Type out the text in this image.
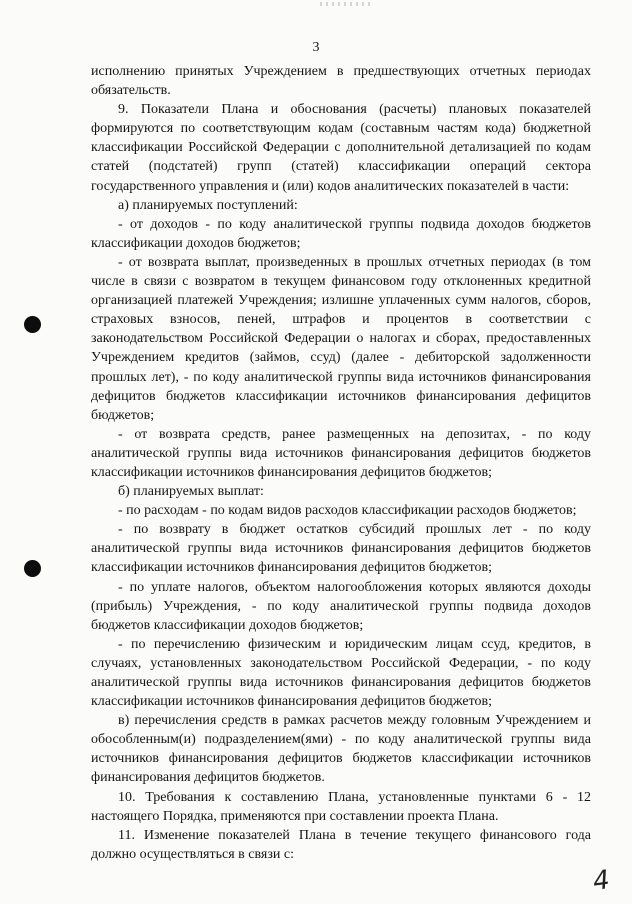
3

исполнению принятых Учреждением в предшествующих отчетных периодах обязательств.

9. Показатели Плана и обоснования (расчеты) плановых показателей формируются по соответствующим кодам (составным частям кода) бюджетной классификации Российской Федерации с дополнительной детализацией по кодам статей (подстатей) групп (статей) классификации операций сектора государственного управления и (или) кодов аналитических показателей в части:

а) планируемых поступлений:

- от доходов - по коду аналитической группы подвида доходов бюджетов классификации доходов бюджетов;

- от возврата выплат, произведенных в прошлых отчетных периодах (в том числе в связи с возвратом в текущем финансовом году отклоненных кредитной организацией платежей Учреждения; излишне уплаченных сумм налогов, сборов, страховых взносов, пеней, штрафов и процентов в соответствии с законодательством Российской Федерации о налогах и сборах, предоставленных Учреждением кредитов (займов, ссуд) (далее - дебиторской задолженности прошлых лет), - по коду аналитической группы вида источников финансирования дефицитов бюджетов классификации источников финансирования дефицитов бюджетов;

- от возврата средств, ранее размещенных на депозитах, - по коду аналитической группы вида источников финансирования дефицитов бюджетов классификации источников финансирования дефицитов бюджетов;

б) планируемых выплат:

- по расходам - по кодам видов расходов классификации расходов бюджетов;

- по возврату в бюджет остатков субсидий прошлых лет - по коду аналитической группы вида источников финансирования дефицитов бюджетов классификации источников финансирования дефицитов бюджетов;

- по уплате налогов, объектом налогообложения которых являются доходы (прибыль) Учреждения, - по коду аналитической группы подвида доходов бюджетов классификации доходов бюджетов;

- по перечислению физическим и юридическим лицам ссуд, кредитов, в случаях, установленных законодательством Российской Федерации, - по коду аналитической группы вида источников финансирования дефицитов бюджетов классификации источников финансирования дефицитов бюджетов;

в) перечисления средств в рамках расчетов между головным Учреждением и обособленным(и) подразделением(ями) - по коду аналитической группы вида источников финансирования дефицитов бюджетов классификации источников финансирования дефицитов бюджетов.

10. Требования к составлению Плана, установленные пунктами 6 - 12 настоящего Порядка, применяются при составлении проекта Плана.

11. Изменение показателей Плана в течение текущего финансового года должно осуществляться в связи с:

4
